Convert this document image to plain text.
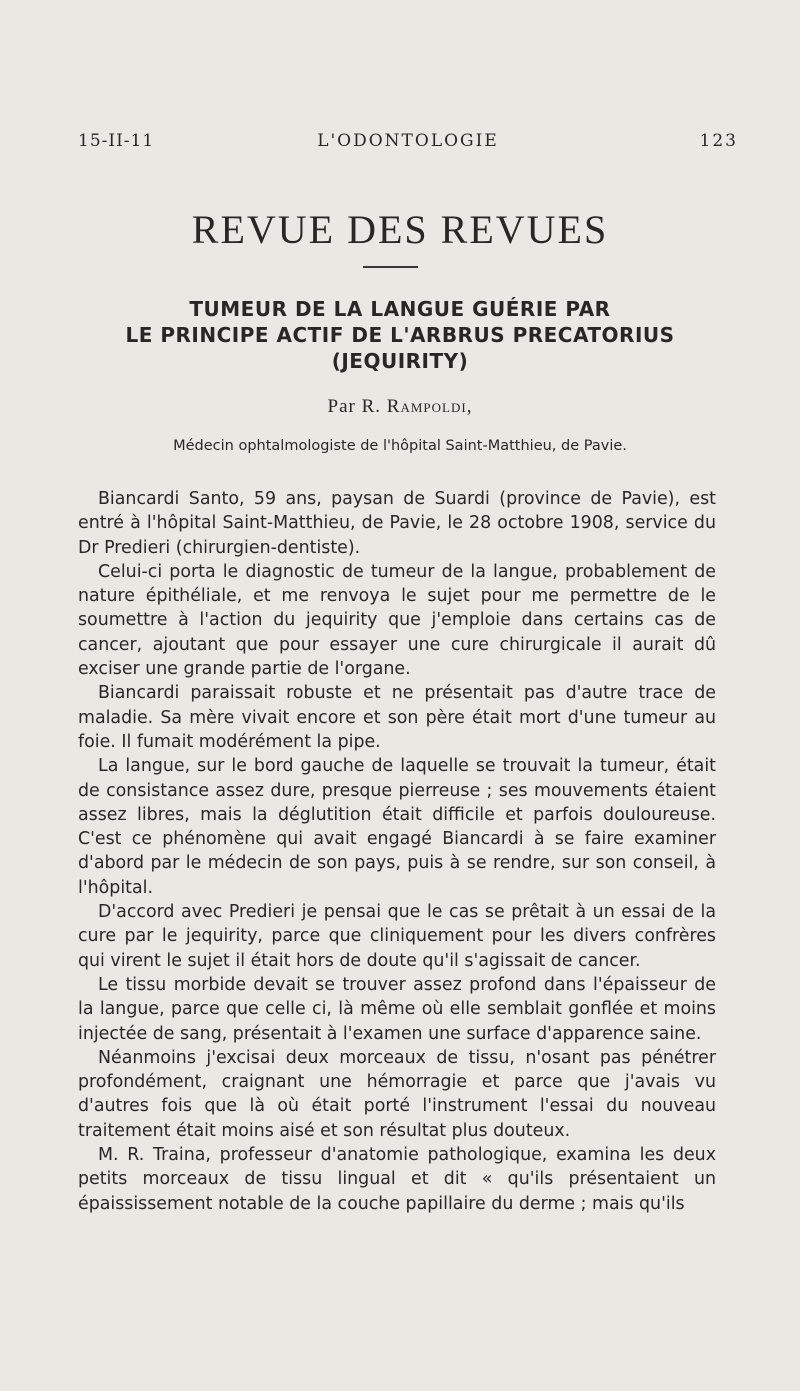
15-II-11	L'ODONTOLOGIE	123
REVUE DES REVUES
TUMEUR DE LA LANGUE GUÉRIE PAR
LE PRINCIPE ACTIF DE L'ARBRUS PRECATORIUS
(JEQUIRITY)
Par R. Rampoldi,
Médecin ophtalmologiste de l'hôpital Saint-Matthieu, de Pavie.

Biancardi Santo, 59 ans, paysan de Suardi (province de Pavie), est entré à l'hôpital Saint-Matthieu, de Pavie, le 28 octobre 1908, service du Dr Predieri (chirurgien-dentiste).

Celui-ci porta le diagnostic de tumeur de la langue, probablement de nature épithéliale, et me renvoya le sujet pour me permettre de le soumettre à l'action du jequirity que j'emploie dans certains cas de cancer, ajoutant que pour essayer une cure chirurgicale il aurait dû exciser une grande partie de l'organe.

Biancardi paraissait robuste et ne présentait pas d'autre trace de maladie. Sa mère vivait encore et son père était mort d'une tumeur au foie. Il fumait modérément la pipe.

La langue, sur le bord gauche de laquelle se trouvait la tumeur, était de consistance assez dure, presque pierreuse ; ses mouvements étaient assez libres, mais la déglutition était difficile et parfois douloureuse. C'est ce phénomène qui avait engagé Biancardi à se faire examiner d'abord par le médecin de son pays, puis à se rendre, sur son conseil, à l'hôpital.

D'accord avec Predieri je pensai que le cas se prêtait à un essai de la cure par le jequirity, parce que cliniquement pour les divers confrères qui virent le sujet il était hors de doute qu'il s'agissait de cancer.

Le tissu morbide devait se trouver assez profond dans l'épaisseur de la langue, parce que celle ci, là même où elle semblait gonflée et moins injectée de sang, présentait à l'examen une surface d'apparence saine.

Néanmoins j'excisai deux morceaux de tissu, n'osant pas pénétrer profondément, craignant une hémorragie et parce que j'avais vu d'autres fois que là où était porté l'instrument l'essai du nouveau traitement était moins aisé et son résultat plus douteux.

M. R. Traina, professeur d'anatomie pathologique, examina les deux petits morceaux de tissu lingual et dit « qu'ils présentaient un épaississement notable de la couche papillaire du derme ; mais qu'ils
